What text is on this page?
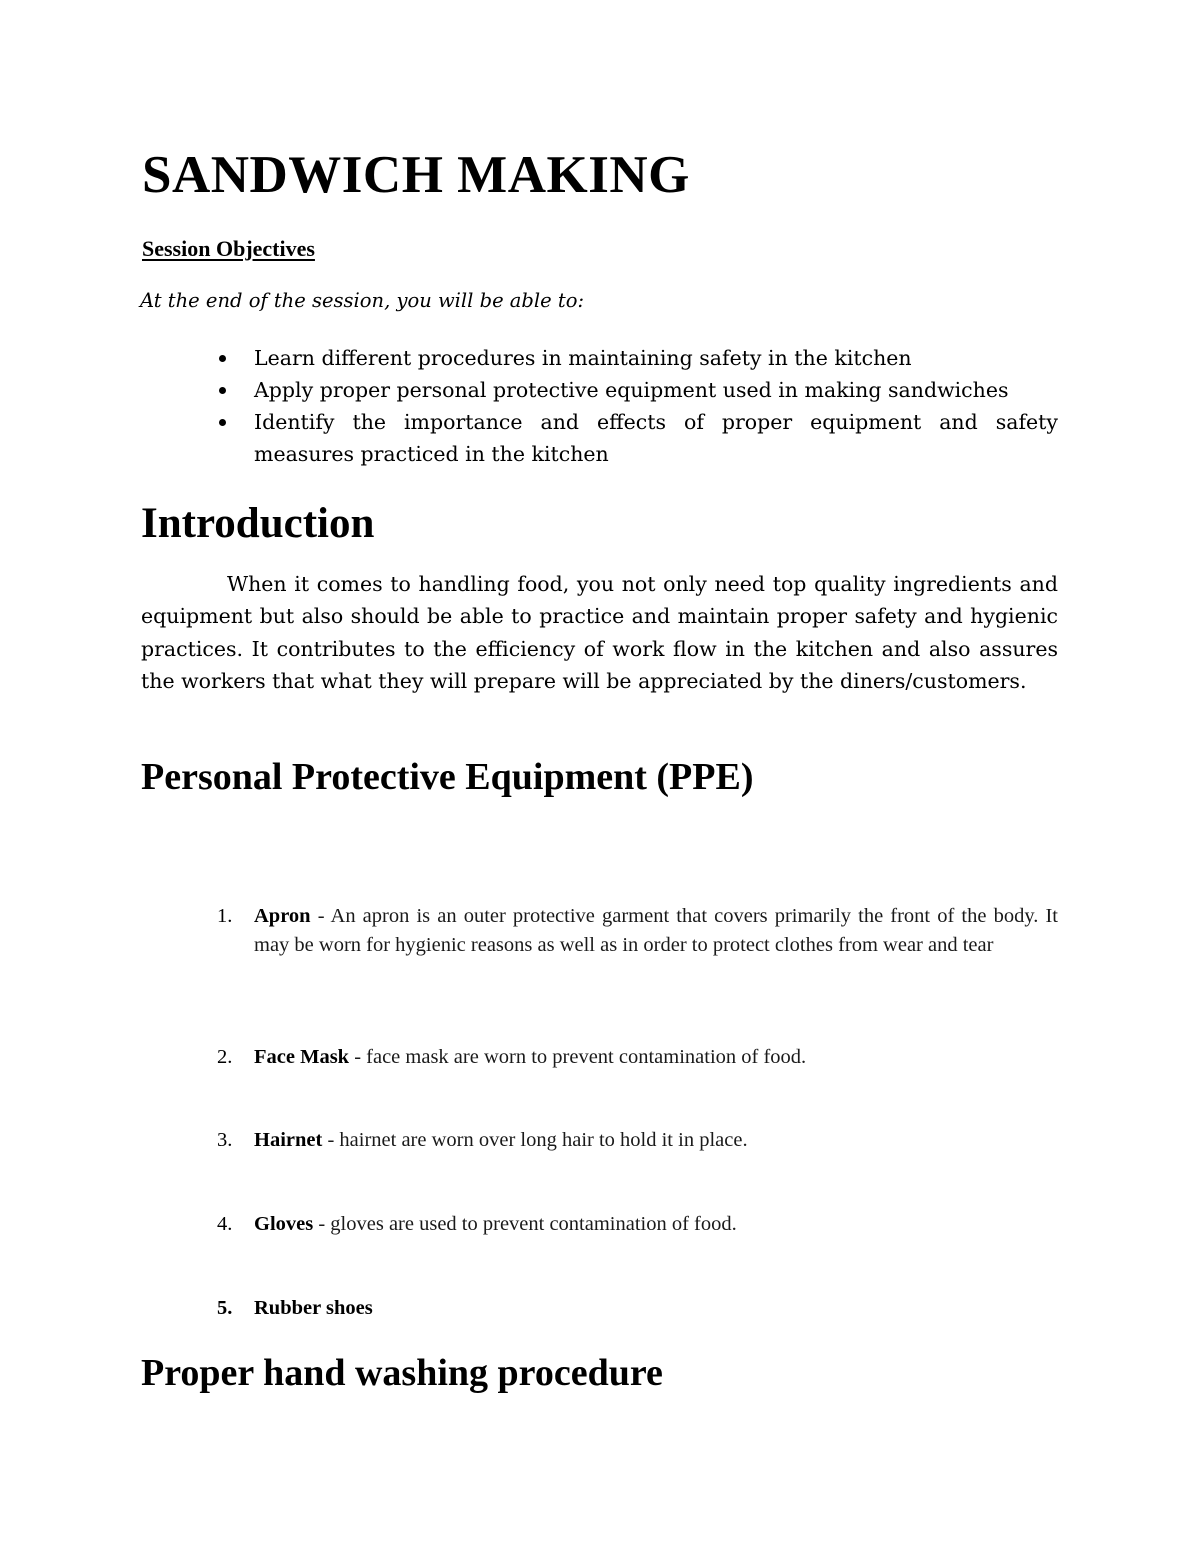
SANDWICH MAKING
Session Objectives

At the end of the session, you will be able to:

Learn different procedures in maintaining safety in the kitchen
Apply proper personal protective equipment used in making sandwiches
Identify the importance and effects of proper equipment and safety measures practiced in the kitchen
Introduction

When it comes to handling food, you not only need top quality ingredients and equipment but also should be able to practice and maintain proper safety and hygienic practices. It contributes to the efficiency of work flow in the kitchen and also assures the workers that what they will prepare will be appreciated by the diners/customers.

Personal Protective Equipment (PPE)
1. Apron - An apron is an outer protective garment that covers primarily the front of the body. It may be worn for hygienic reasons as well as in order to protect clothes from wear and tear
2. Face Mask - face mask are worn to prevent contamination of food.
3. Hairnet - hairnet are worn over long hair to hold it in place.
4. Gloves - gloves are used to prevent contamination of food.
5. Rubber shoes
Proper hand washing procedure
